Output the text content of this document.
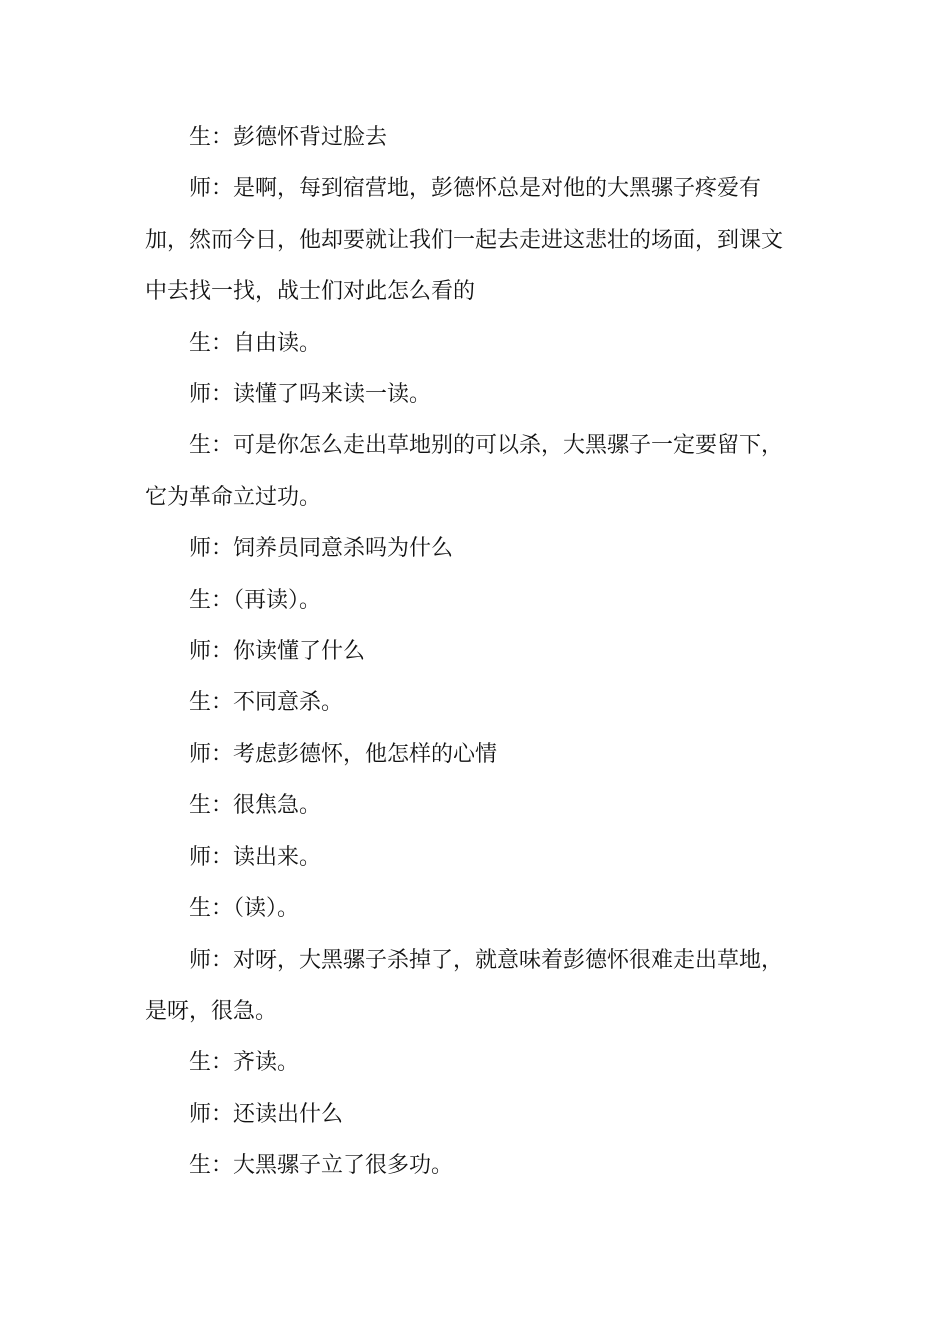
生：彭德怀背过脸去

师：是啊，每到宿营地，彭德怀总是对他的大黑骡子疼爱有
加，然而今日，他却要就让我们一起去走进这悲壮的场面，到课文
中去找一找，战士们对此怎么看的

生：自由读。

师：读懂了吗来读一读。

生：可是你怎么走出草地别的可以杀，大黑骡子一定要留下，
它为革命立过功。

师：饲养员同意杀吗为什么

生：（再读）。

师：你读懂了什么

生：不同意杀。

师：考虑彭德怀，他怎样的心情

生：很焦急。

师：读出来。

生：（读）。

师：对呀，大黑骡子杀掉了，就意味着彭德怀很难走出草地，
是呀，很急。

生：齐读。

师：还读出什么

生：大黑骡子立了很多功。
